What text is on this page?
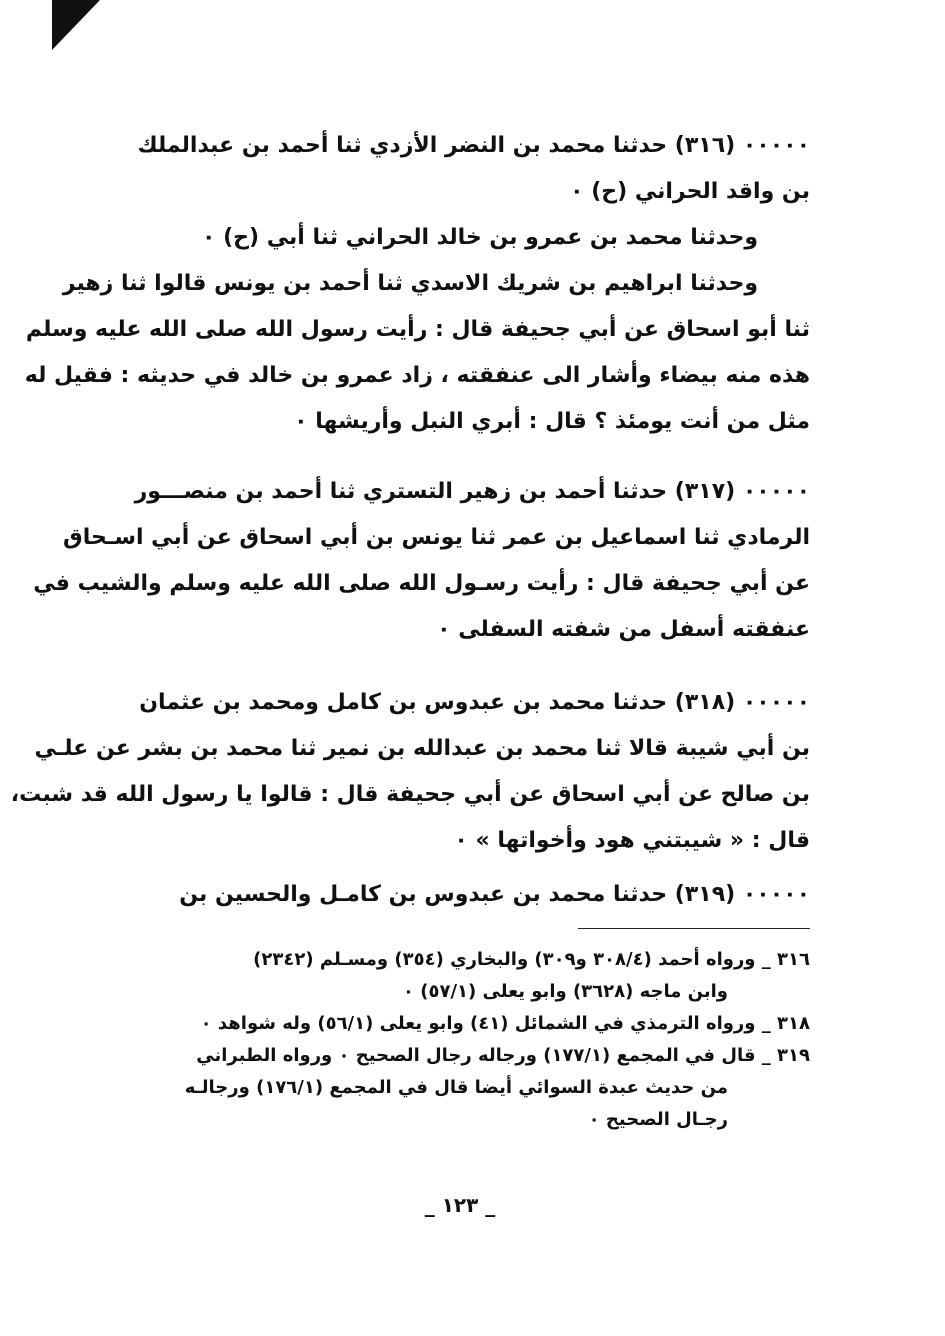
٠٠٠٠٠ (٣١٦) حدثنا محمد بن النضر الأزدي ثنا أحمد بن عبدالملك
بن واقد الحراني (ح) ٠
وحدثنا محمد بن عمرو بن خالد الحراني ثنا أبي (ح) ٠
وحدثنا ابراهيم بن شريك الاسدي ثنا أحمد بن يونس قالوا ثنا زهير
ثنا أبو اسحاق عن أبي جحيفة قال : رأيت رسول الله صلى الله عليه وسلم
هذه منه بيضاء وأشار الى عنفقته ، زاد عمرو بن خالد في حديثه : فقيل له
مثل من أنت يومئذ ؟ قال : أبري النبل وأريشها ٠
٠٠٠٠٠ (٣١٧) حدثنا أحمد بن زهير التستري ثنا أحمد بن منصـــور
الرمادي ثنا اسماعيل بن عمر ثنا يونس بن أبي اسحاق عن أبي اسـحاق
عن أبي جحيفة قال : رأيت رسـول الله صلى الله عليه وسلم والشيب في
عنفقته أسفل من شفته السفلى ٠
٠٠٠٠٠ (٣١٨) حدثنا محمد بن عبدوس بن كامل ومحمد بن عثمان
بن أبي شيبة قالا ثنا محمد بن عبدالله بن نمير ثنا محمد بن بشر عن علـي
بن صالح عن أبي اسحاق عن أبي جحيفة قال : قالوا يا رسول الله قد شبت،
قال : « شيبتني هود وأخواتها » ٠
٠٠٠٠٠ (٣١٩) حدثنا محمد بن عبدوس بن كامـل والحسين بن
٣١٦ _ ورواه أحمد (٣٠٨/٤ و٣٠٩) والبخاري (٣٥٤) ومسـلم (٢٣٤٢)
وابن ماجه (٣٦٢٨) وابو يعلى (٥٧/١) ٠
٣١٨ _ ورواه الترمذي في الشمائل (٤١) وابو يعلى (٥٦/١) وله شواهد ٠
٣١٩ _ قال في المجمع (١٧٧/١) ورجاله رجال الصحيح ٠ ورواه الطبراني
من حديث عبدة السوائي أيضا قال في المجمع (١٧٦/١) ورجالـه
رجـال الصحيح ٠
_ ١٢٣ _
